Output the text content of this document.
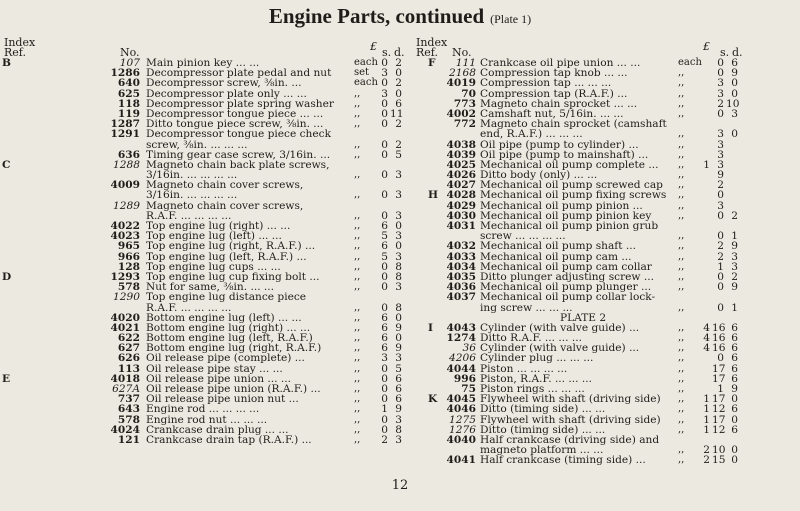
Engine Parts, continued (Plate 1)
Index
Ref.	No.	£ s. d.
B	107 Main pinion key ... ...	each 0 2
1286 Decompressor plate pedal and nut	set	3 0
640 Decompressor screw, ⅜in. ...	each 0 2
625 Decompressor plate only ... ...	,,	3 0
118 Decompressor plate spring washer	,,	0 6
119 Decompressor tongue piece ... ...	,,	0 11
1287 Ditto tongue piece screw, ⅜in. ...	,,	0 2
1291 Decompressor tongue piece check
screw, ⅜in. ... ... ...	,,	0 2
636 Timing gear case screw, 3/16in. ...	,,	0 5
C	1288 Magneto chain back plate screws,
3/16in. ... ... ... ...	,,	0 3
4009 Magneto chain cover screws,
3/16in. ... ... ... ...	,,	0 3
1289 Magneto chain cover screws,
R.A.F. ... ... ... ...	,,	0 3
4022 Top engine lug (right) ... ...	,,	6 0
4023 Top engine lug (left) ... ...	,,	5 3
965 Top engine lug (right, R.A.F.) ...	,,	6 0
966 Top engine lug (left, R.A.F.) ...	,,	5 3
128 Top engine lug cups ... ...	,,	0 8
D	1293 Top engine lug cup fixing bolt ...	,,	0 8
578 Nut for same, ⅜in. ... ...	,,	0 3
1290 Top engine lug distance piece
R.A.F. ... ... ... ...	,,	0 8
4020 Bottom engine lug (left) ... ...	,,	6 0
4021 Bottom engine lug (right) ... ...	,,	6 9
622 Bottom engine lug (left, R.A.F.)	,,	6 0
627 Bottom engine lug (right, R.A.F.)	,,	6 9
626 Oil release pipe (complete) ...	,,	3 3
113 Oil release pipe stay ... ...	,,	0 5
E	4018 Oil release pipe union ... ...	,,	0 6
627A Oil release pipe union (R.A.F.) ...	,,	0 6
737 Oil release pipe union nut ...	,,	0 6
643 Engine rod ... ... ... ...	,,	1 9
578 Engine rod nut ... ... ...	,,	0 3
4024 Crankcase drain plug ... ...	,,	0 8
121 Crankcase drain tap (R.A.F.) ...	,,	2 3
Index
Ref. No.	£ s. d.
F	111 Crankcase oil pipe union ... ...	each	0 6
2168 Compression tap knob ... ...	,,	0 9
4019 Compression tap ... ... ...	,,	3 0
70 Compression tap (R.A.F.) ...	,,	3 0
773 Magneto chain sprocket ... ...	,,	2 10
4002 Camshaft nut, 5/16in. ... ...	,,	0 3
772 Magneto chain sprocket (camshaft
end, R.A.F.) ... ... ...	,,	3 0
4038 Oil pipe (pump to cylinder) ...	,,	3
4039 Oil pipe (pump to mainshaft) ...	,,	3
4025 Mechanical oil pump complete ...	,,	1 3
4026 Ditto body (only) ... ...	,,	9
4027 Mechanical oil pump screwed cap	,,	2
H 4028 Mechanical oil pump fixing screws	,,	0
4029 Mechanical oil pump pinion ...	,,	3
4030 Mechanical oil pump pinion key	,,	0 2
4031 Mechanical oil pump pinion grub
screw ... ... ... ...	,,	0 1
4032 Mechanical oil pump shaft ...	,,	2 9
4033 Mechanical oil pump cam ...	,,	2 3
4034 Mechanical oil pump cam collar	,,	1 3
4035 Ditto plunger adjusting screw ...	,,	0 2
4036 Mechanical oil pump plunger ...	,,	0 9
4037 Mechanical oil pump collar lock-
ing screw ... ... ...	,,	0 1
PLATE 2
I	4043 Cylinder (with valve guide) ...	,,	4 16 6
1274 Ditto R.A.F. ... ... ...	,,	4 16 6
36 Cylinder (with valve guide) ...	,,	4 16 6
4206 Cylinder plug ... ... ...	,,	0 6
4044 Piston ... ... ... ...	,,	17 6
996 Piston, R.A.F. ... ... ...	,,	17 6
75 Piston rings ... ... ...	,,	1 9
K 4045 Flywheel with shaft (driving side)	,,	1 17 0
4046 Ditto (timing side) ... ...	,,	1 12 6
1275 Flywheel with shaft (driving side)	,,	1 17 0
1276 Ditto (timing side) ... ...	,,	1 12 6
4040 Half crankcase (driving side) and
magneto platform ... ...	,,	2 10 0
4041 Half crankcase (timing side) ...	,,	2 15 0
12
